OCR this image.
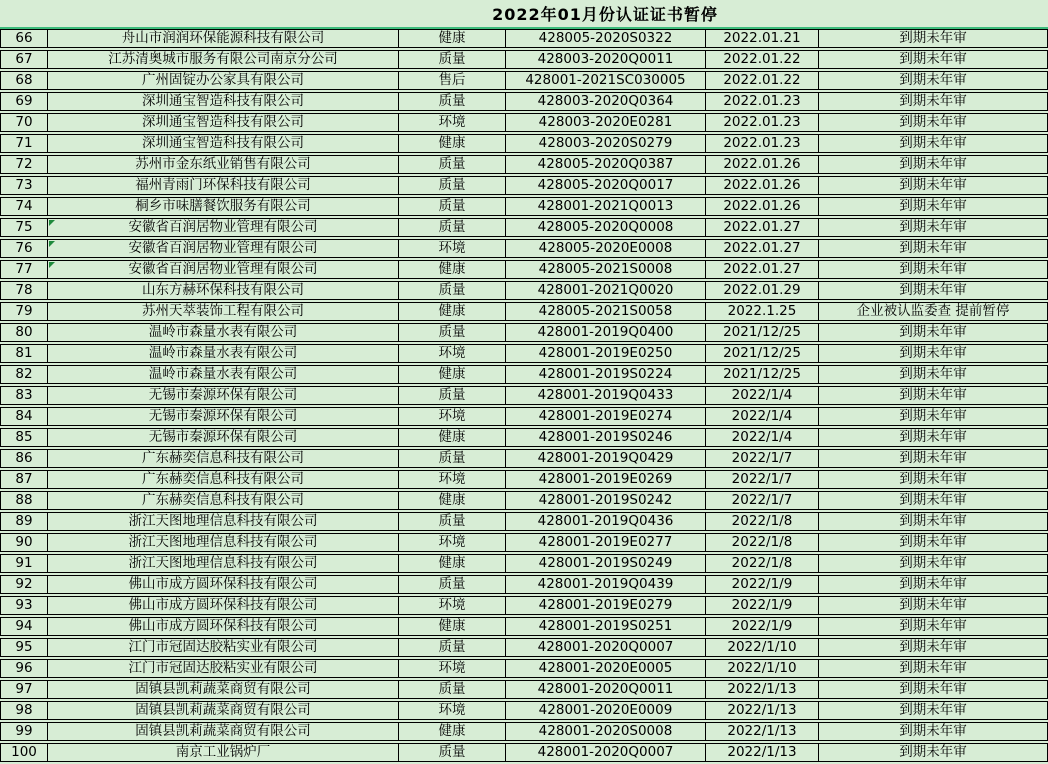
2022年01月份认证证书暂停
66	舟山市润润环保能源科技有限公司	健康	428005-2020S0322	2022.01.21	到期未年审
67	江苏清奥城市服务有限公司南京分公司	质量	428003-2020Q0011	2022.01.22	到期未年审
68	广州固锭办公家具有限公司	售后	428001-2021SC030005	2022.01.22	到期未年审
69	深圳通宝智造科技有限公司	质量	428003-2020Q0364	2022.01.23	到期未年审
70	深圳通宝智造科技有限公司	环境	428003-2020E0281	2022.01.23	到期未年审
71	深圳通宝智造科技有限公司	健康	428003-2020S0279	2022.01.23	到期未年审
72	苏州市金东纸业销售有限公司	质量	428005-2020Q0387	2022.01.26	到期未年审
73	福州青雨门环保科技有限公司	质量	428005-2020Q0017	2022.01.26	到期未年审
74	桐乡市味膳餐饮服务有限公司	质量	428001-2021Q0013	2022.01.26	到期未年审
75	安徽省百润居物业管理有限公司	质量	428005-2020Q0008	2022.01.27	到期未年审
76	安徽省百润居物业管理有限公司	环境	428005-2020E0008	2022.01.27	到期未年审
77	安徽省百润居物业管理有限公司	健康	428005-2021S0008	2022.01.27	到期未年审
78	山东方赫环保科技有限公司	质量	428001-2021Q0020	2022.01.29	到期未年审
79	苏州天萃装饰工程有限公司	健康	428005-2021S0058	2022.1.25	企业被认监委查 提前暂停
80	温岭市森量水表有限公司	质量	428001-2019Q0400	2021/12/25	到期未年审
81	温岭市森量水表有限公司	环境	428001-2019E0250	2021/12/25	到期未年审
82	温岭市森量水表有限公司	健康	428001-2019S0224	2021/12/25	到期未年审
83	无锡市秦源环保有限公司	质量	428001-2019Q0433	2022/1/4	到期未年审
84	无锡市秦源环保有限公司	环境	428001-2019E0274	2022/1/4	到期未年审
85	无锡市秦源环保有限公司	健康	428001-2019S0246	2022/1/4	到期未年审
86	广东赫奕信息科技有限公司	质量	428001-2019Q0429	2022/1/7	到期未年审
87	广东赫奕信息科技有限公司	环境	428001-2019E0269	2022/1/7	到期未年审
88	广东赫奕信息科技有限公司	健康	428001-2019S0242	2022/1/7	到期未年审
89	浙江天图地理信息科技有限公司	质量	428001-2019Q0436	2022/1/8	到期未年审
90	浙江天图地理信息科技有限公司	环境	428001-2019E0277	2022/1/8	到期未年审
91	浙江天图地理信息科技有限公司	健康	428001-2019S0249	2022/1/8	到期未年审
92	佛山市成方圆环保科技有限公司	质量	428001-2019Q0439	2022/1/9	到期未年审
93	佛山市成方圆环保科技有限公司	环境	428001-2019E0279	2022/1/9	到期未年审
94	佛山市成方圆环保科技有限公司	健康	428001-2019S0251	2022/1/9	到期未年审
95	江门市冠固达胶粘实业有限公司	质量	428001-2020Q0007	2022/1/10	到期未年审
96	江门市冠固达胶粘实业有限公司	环境	428001-2020E0005	2022/1/10	到期未年审
97	固镇县凯莉蔬菜商贸有限公司	质量	428001-2020Q0011	2022/1/13	到期未年审
98	固镇县凯莉蔬菜商贸有限公司	环境	428001-2020E0009	2022/1/13	到期未年审
99	固镇县凯莉蔬菜商贸有限公司	健康	428001-2020S0008	2022/1/13	到期未年审
100	南京工业锅炉厂	质量	428001-2020Q0007	2022/1/13	到期未年审
